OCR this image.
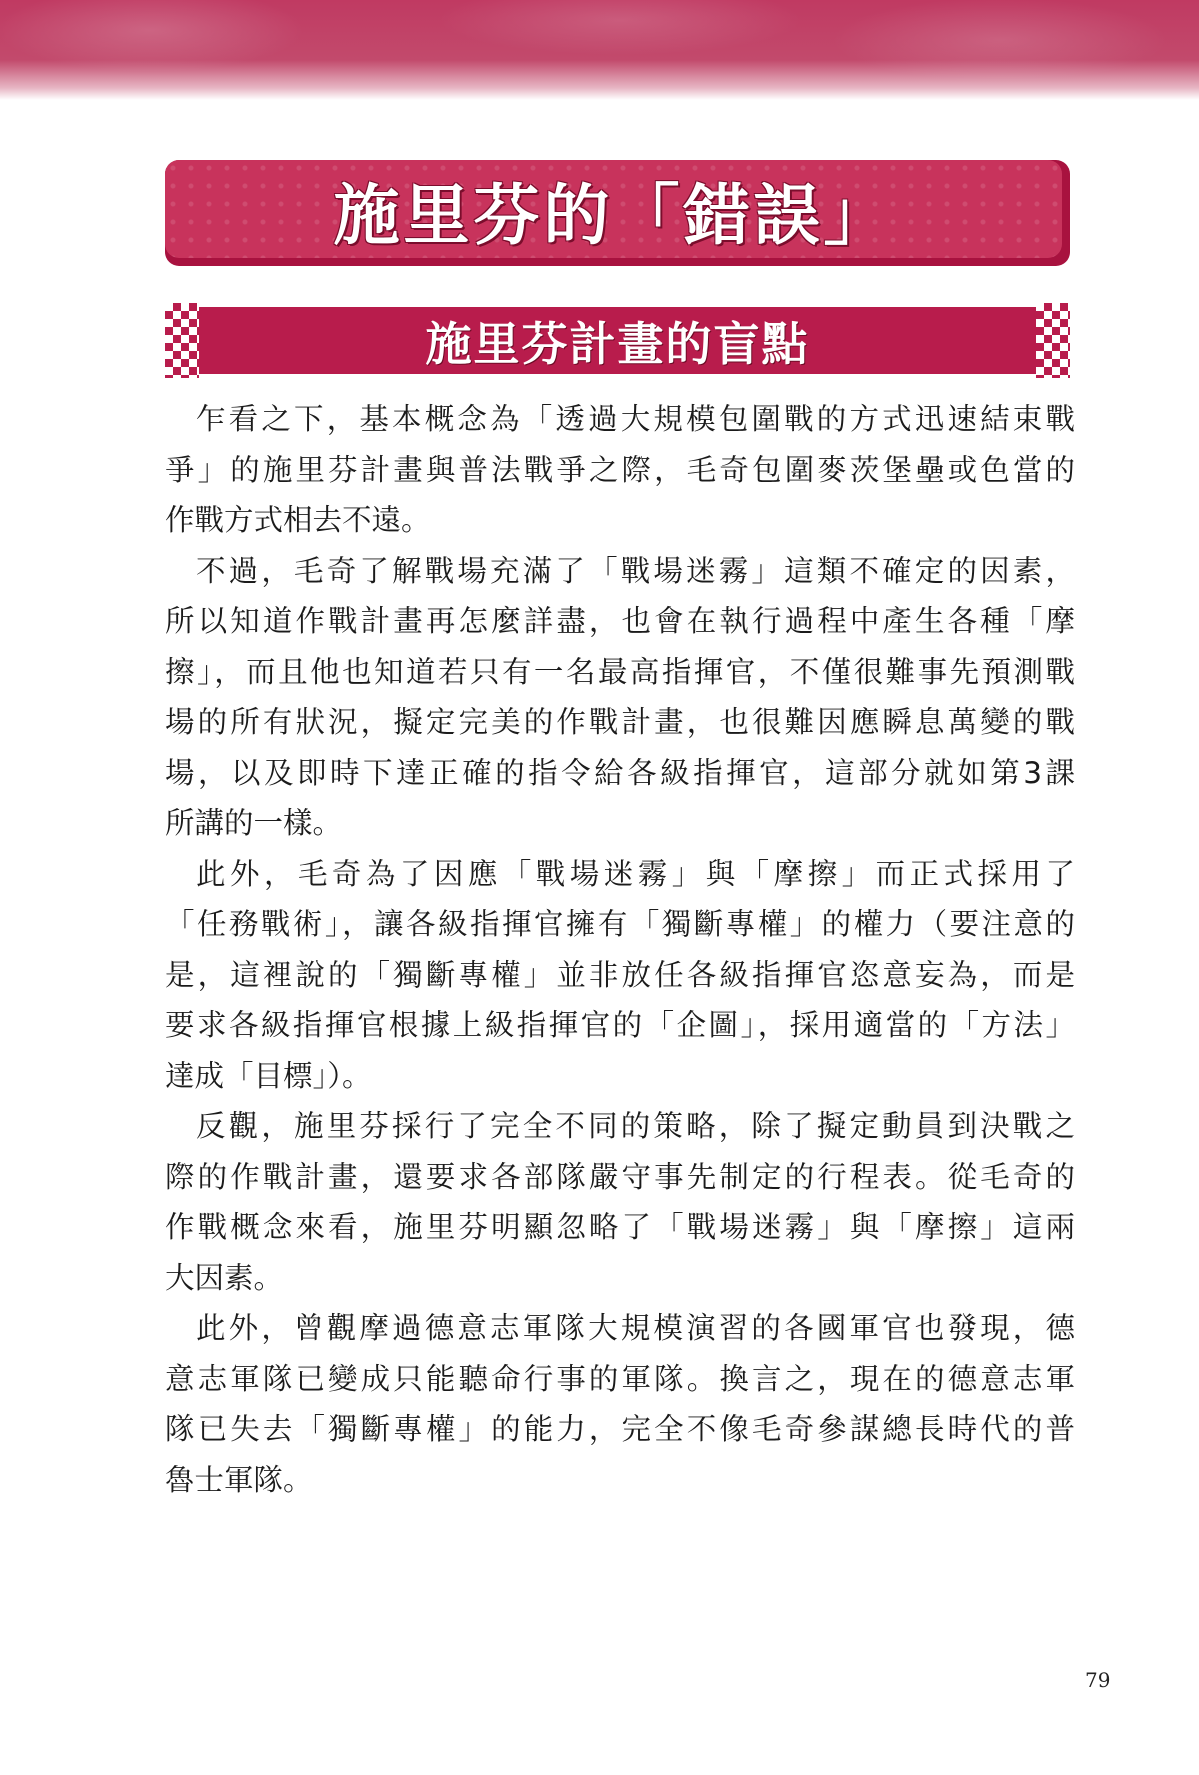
施里芬的「錯誤」
施里芬計畫的盲點
乍看之下，基本概念為「透過大規模包圍戰的方式迅速結束戰
爭」的施里芬計畫與普法戰爭之際，毛奇包圍麥茨堡壘或色當的
作戰方式相去不遠。
不過，毛奇了解戰場充滿了「戰場迷霧」這類不確定的因素，
所以知道作戰計畫再怎麼詳盡，也會在執行過程中產生各種「摩
擦」，而且他也知道若只有一名最高指揮官，不僅很難事先預測戰
場的所有狀況，擬定完美的作戰計畫，也很難因應瞬息萬變的戰
場，以及即時下達正確的指令給各級指揮官，這部分就如第3課
所講的一樣。
此外，毛奇為了因應「戰場迷霧」與「摩擦」而正式採用了
「任務戰術」，讓各級指揮官擁有「獨斷專權」的權力（要注意的
是，這裡說的「獨斷專權」並非放任各級指揮官恣意妄為，而是
要求各級指揮官根據上級指揮官的「企圖」，採用適當的「方法」
達成「目標」）。
反觀，施里芬採行了完全不同的策略，除了擬定動員到決戰之
際的作戰計畫，還要求各部隊嚴守事先制定的行程表。從毛奇的
作戰概念來看，施里芬明顯忽略了「戰場迷霧」與「摩擦」這兩
大因素。
此外，曾觀摩過德意志軍隊大規模演習的各國軍官也發現，德
意志軍隊已變成只能聽命行事的軍隊。換言之，現在的德意志軍
隊已失去「獨斷專權」的能力，完全不像毛奇參謀總長時代的普
魯士軍隊。
79
